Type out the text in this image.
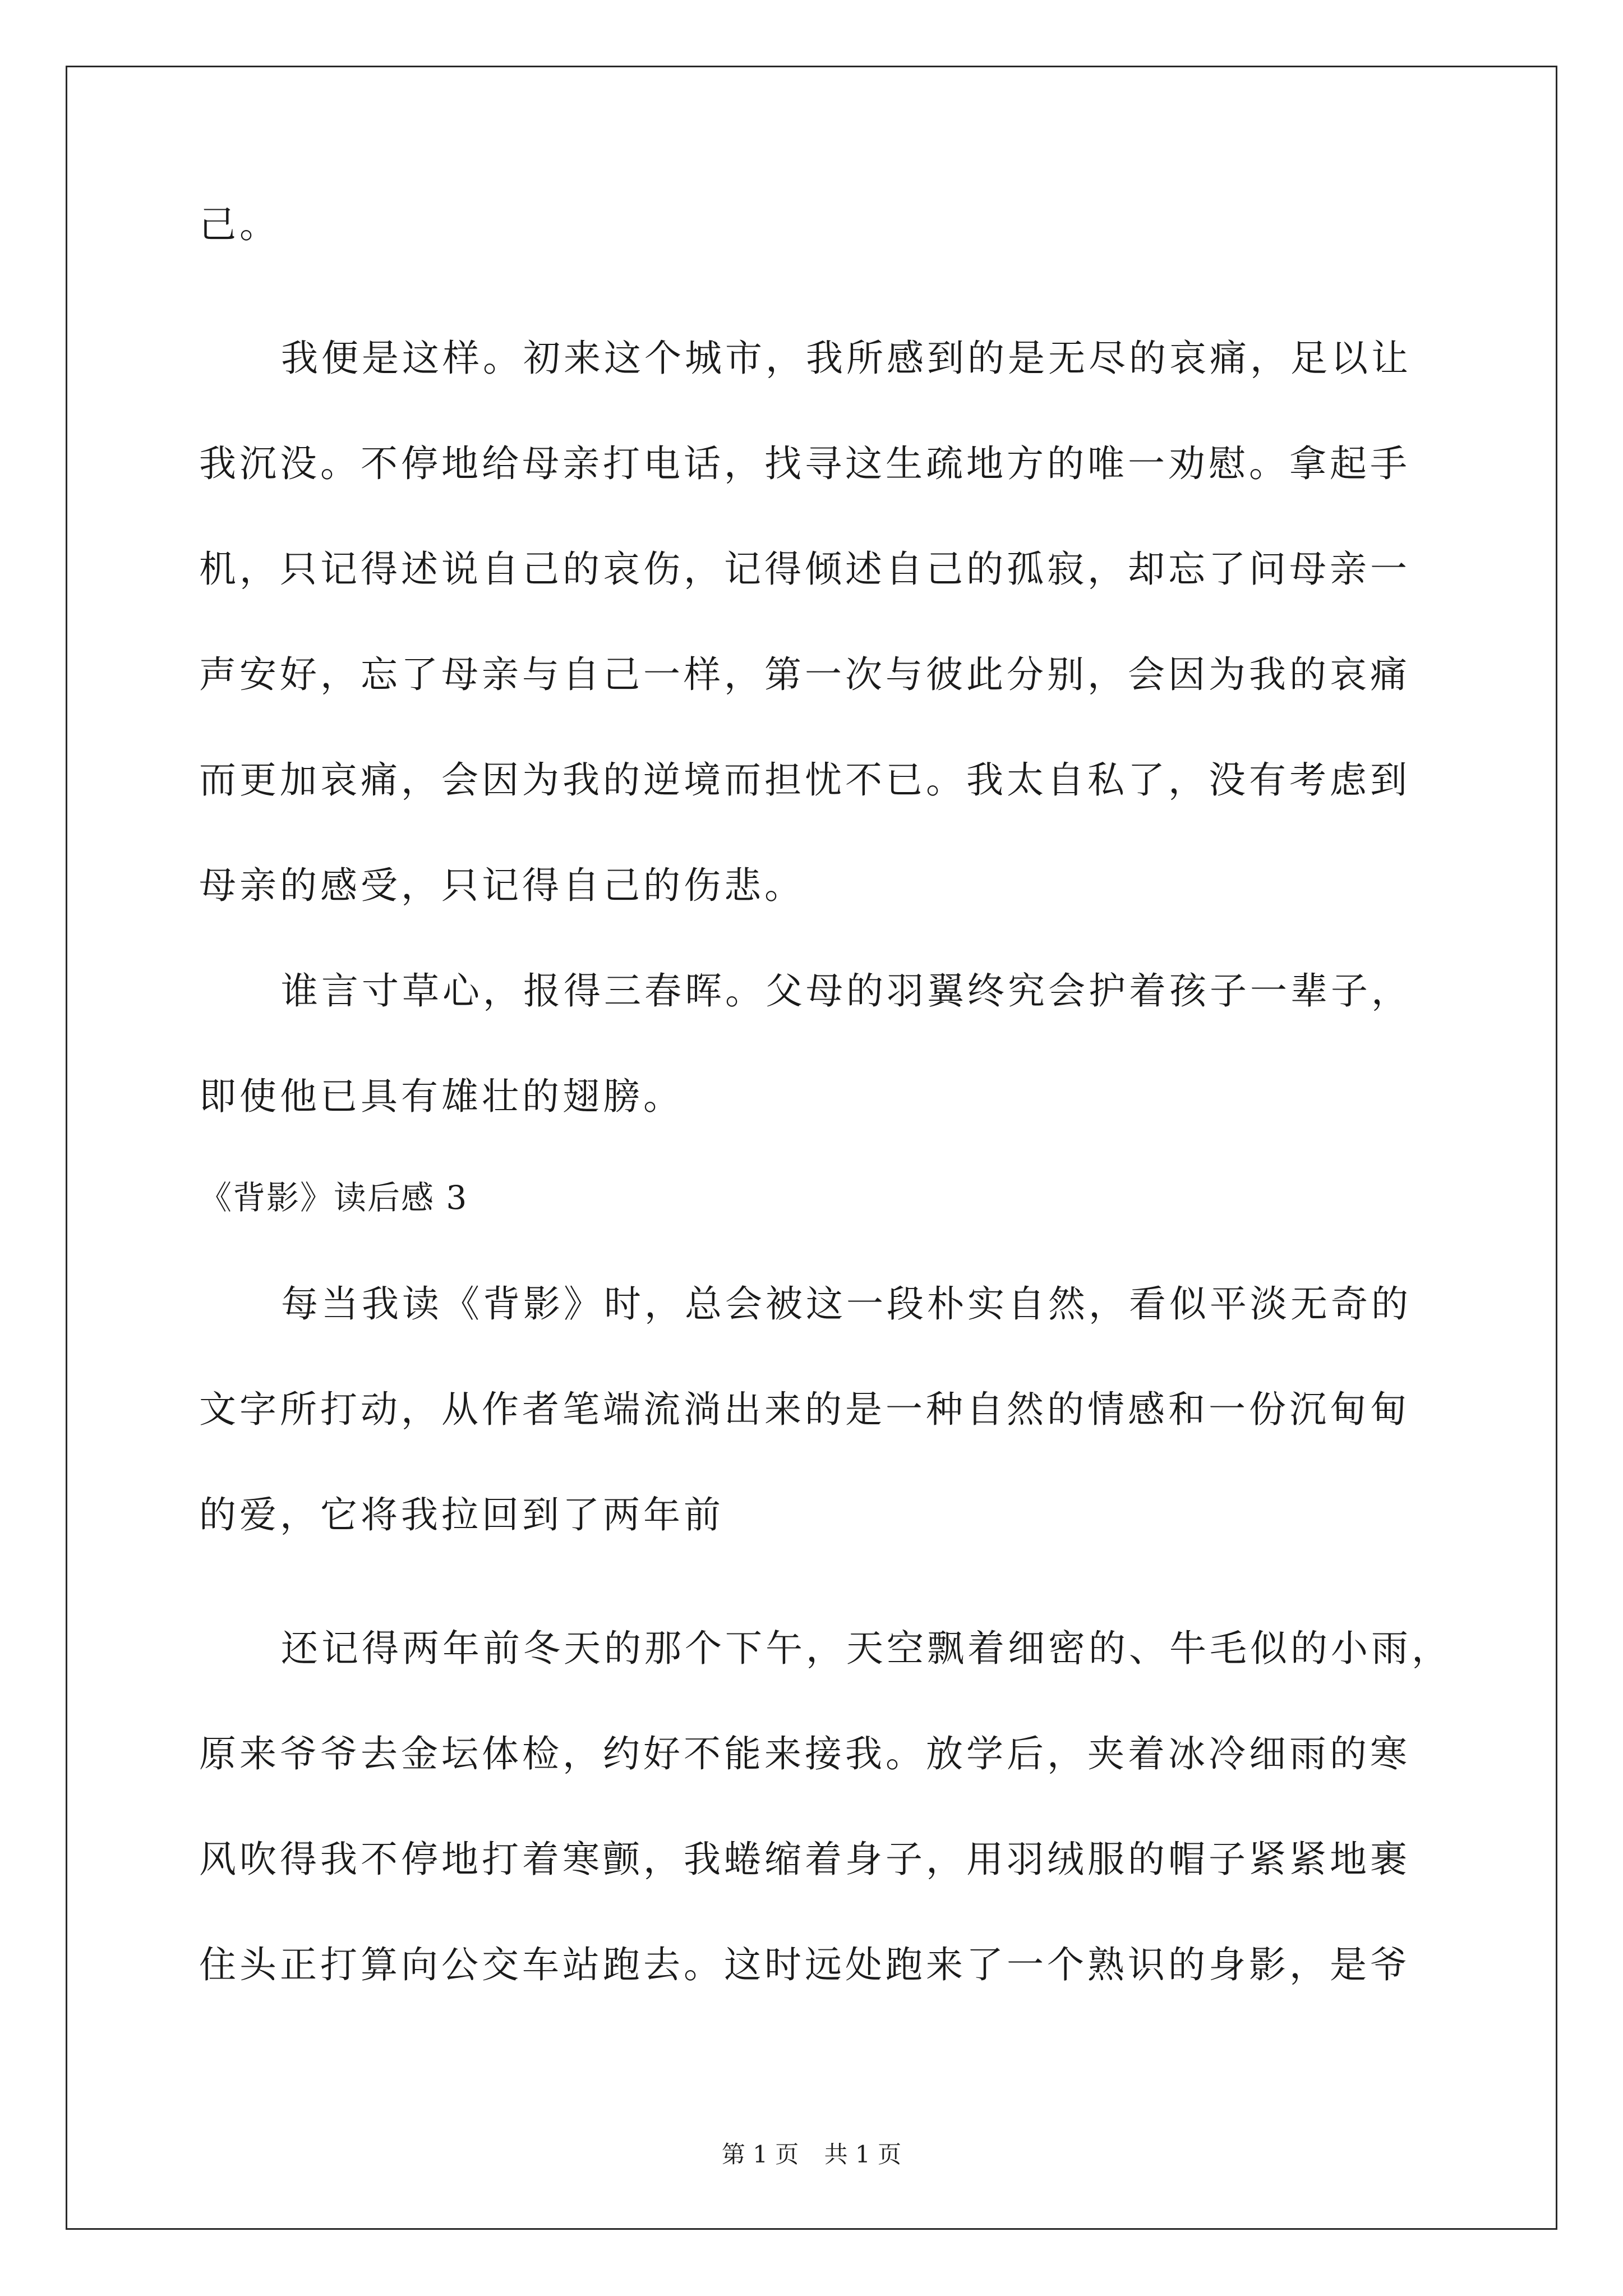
己。
我便是这样。初来这个城市，我所感到的是无尽的哀痛，足以让
我沉没。不停地给母亲打电话，找寻这生疏地方的唯一劝慰。拿起手
机，只记得述说自己的哀伤，记得倾述自己的孤寂，却忘了问母亲一
声安好，忘了母亲与自己一样，第一次与彼此分别，会因为我的哀痛
而更加哀痛，会因为我的逆境而担忧不已。我太自私了，没有考虑到
母亲的感受，只记得自己的伤悲。
谁言寸草心，报得三春晖。父母的羽翼终究会护着孩子一辈子，
即使他已具有雄壮的翅膀。
《背影》读后感 3
每当我读《背影》时，总会被这一段朴实自然，看似平淡无奇的
文字所打动，从作者笔端流淌出来的是一种自然的情感和一份沉甸甸
的爱，它将我拉回到了两年前
还记得两年前冬天的那个下午，天空飘着细密的、牛毛似的小雨，
原来爷爷去金坛体检，约好不能来接我。放学后，夹着冰冷细雨的寒
风吹得我不停地打着寒颤，我蜷缩着身子，用羽绒服的帽子紧紧地裹
住头正打算向公交车站跑去。这时远处跑来了一个熟识的身影，是爷
第 1 页 共 1 页
